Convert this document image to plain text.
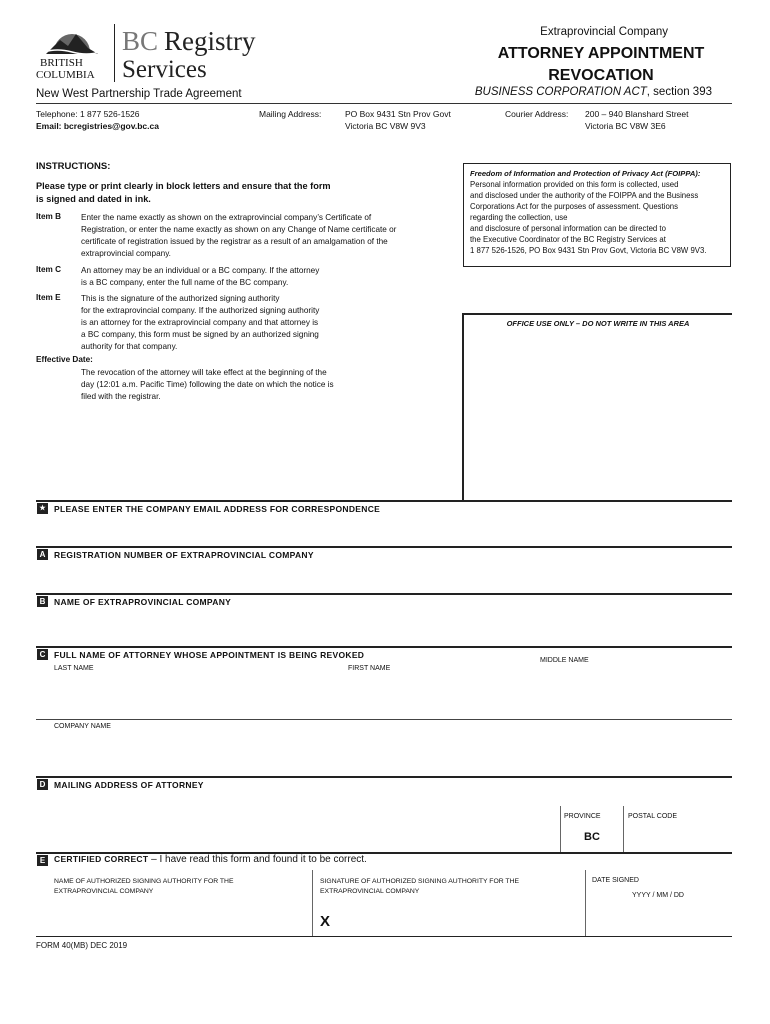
BRITISH
COLUMBIA
BC Registry
Services
Extraprovincial Company
ATTORNEY APPOINTMENT
REVOCATION
BUSINESS CORPORATION ACT, section 393
New West Partnership Trade Agreement
Telephone: 1 877 526-1526
Email: bcregistries@gov.bc.ca
Mailing Address:	PO Box 9431 Stn Prov Govt
Victoria BC V8W 9V3
Courier Address: 200 – 940 Blanshard Street
Victoria BC V8W 3E6
INSTRUCTIONS:
Please type or print clearly in block letters and ensure that the form
is signed and dated in ink.
Item B Enter the name exactly as shown on the extraprovincial company’s Certificate of
Registration, or enter the name exactly as shown on any Change of Name certificate or
certificate of registration issued by the registrar as a result of an amalgamation of the
extraprovincial company.
Item C An attorney may be an individual or a BC company. If the attorney
is a BC company, enter the full name of the BC company.
Item E This is the signature of the authorized signing authority
for the extraprovincial company. If the authorized signing authority
is an attorney for the extraprovincial company and that attorney is
a BC company, this form must be signed by an authorized signing
authority for that company.
Effective Date:
The revocation of the attorney will take effect at the beginning of the
day (12:01 a.m. Pacific Time) following the date on which the notice is
filed with the registrar.
Freedom of Information and Protection of Privacy Act (FOIPPA):
Personal information provided on this form is collected, used
and disclosed under the authority of the FOIPPA and the Business
Corporations Act for the purposes of assessment. Questions
regarding the collection, use
and disclosure of personal information can be directed to
the Executive Coordinator of the BC Registry Services at
1 877 526-1526, PO Box 9431 Stn Prov Govt, Victoria BC V8W 9V3.
OFFICE USE ONLY – DO NOT WRITE IN THIS AREA
★ PLEASE ENTER THE COMPANY EMAIL ADDRESS FOR CORRESPONDENCE
A	REGISTRATION NUMBER OF EXTRAPROVINCIAL COMPANY
B	NAME OF EXTRAPROVINCIAL COMPANY
C	FULL NAME OF ATTORNEY WHOSE APPOINTMENT IS BEING REVOKED
LAST NAME	FIRST NAME
MIDDLE NAME
COMPANY NAME
D	MAILING ADDRESS OF ATTORNEY
PROVINCE	POSTAL CODE
BC
E	CERTIFIED CORRECT – I have read this form and found it to be correct.
NAME OF AUTHORIZED SIGNING AUTHORITY FOR THE
EXTRAPROVINCIAL COMPANY
SIGNATURE OF AUTHORIZED SIGNING AUTHORITY FOR THE
EXTRAPROVINCIAL COMPANY
DATE SIGNED
YYYY / MM / DD
X
FORM 40(MB) DEC 2019
